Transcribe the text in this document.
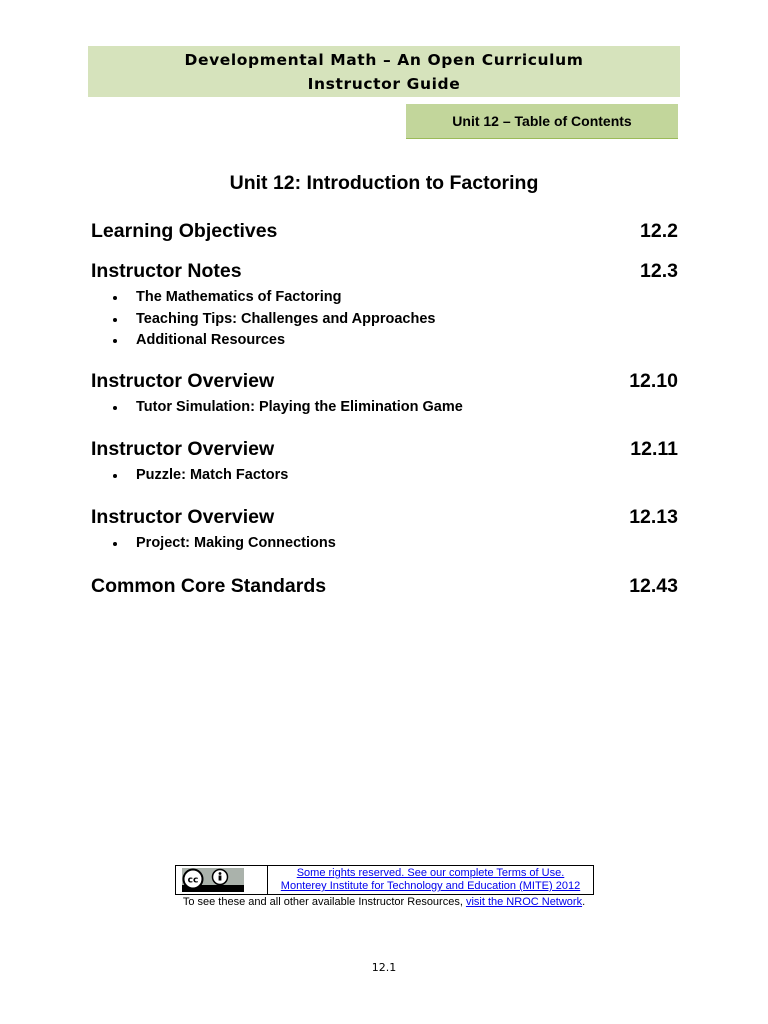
Developmental Math – An Open Curriculum
Instructor Guide
Unit 12 – Table of Contents
Unit 12: Introduction to Factoring
Learning Objectives	12.2
Instructor Notes	12.3
The Mathematics of Factoring
Teaching Tips: Challenges and Approaches
Additional Resources
Instructor Overview	12.10
Tutor Simulation: Playing the Elimination Game
Instructor Overview	12.11
Puzzle: Match Factors
Instructor Overview	12.13
Project: Making Connections
Common Core Standards	12.43
cc
Some rights reserved. See our complete Terms of Use.
Monterey Institute for Technology and Education (MITE) 2012
To see these and all other available Instructor Resources, visit the NROC Network.
12.1
